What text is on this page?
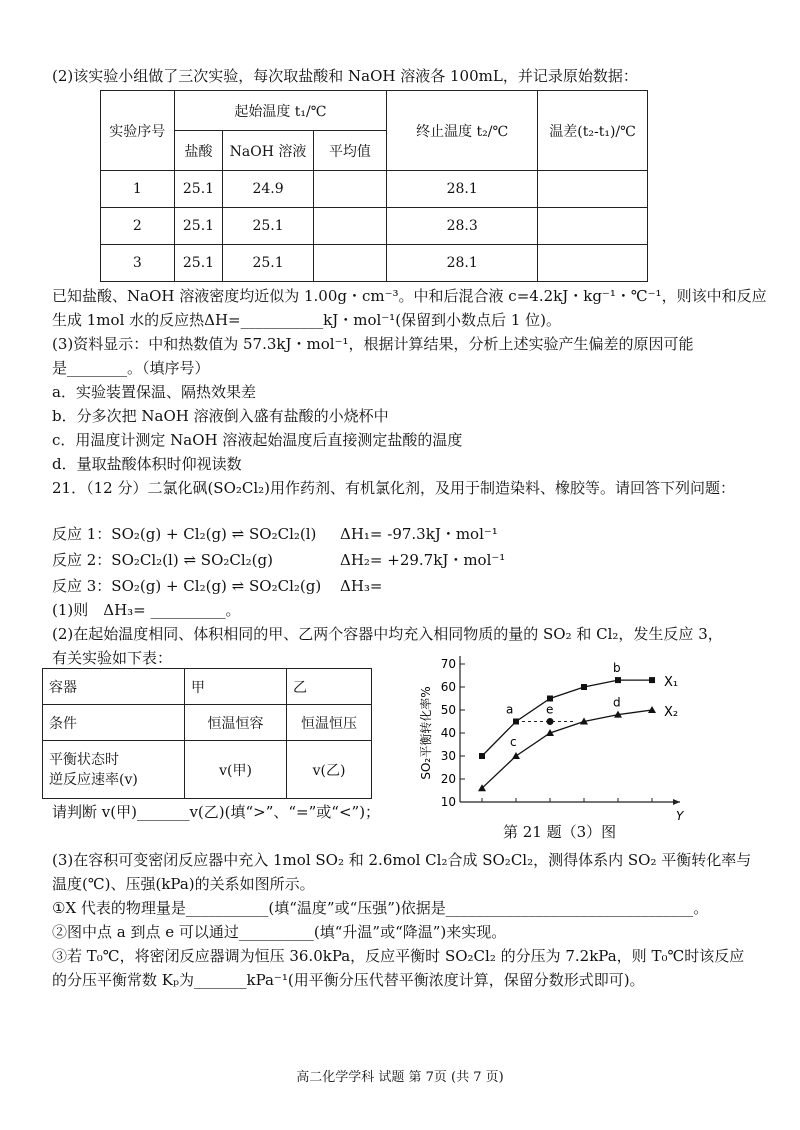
(2)该实验小组做了三次实验，每次取盐酸和 NaOH 溶液各 100mL，并记录原始数据：
实验序号	起始温度 t₁/℃			终止温度 t₂/℃	温差(t₂-t₁)/℃
	盐酸	NaOH 溶液	平均值		
1	25.1	24.9		28.1	
2	25.1	25.1		28.3	
3	25.1	25.1		28.1	
已知盐酸、NaOH 溶液密度均近似为 1.00g・cm⁻³。中和后混合液 c=4.2kJ・kg⁻¹・℃⁻¹，则该中和反应
生成 1mol 水的反应热ΔH=___________kJ・mol⁻¹(保留到小数点后 1 位)。
(3)资料显示：中和热数值为 57.3kJ・mol⁻¹，根据计算结果，分析上述实验产生偏差的原因可能
是________。（填序号）
a．实验装置保温、隔热效果差
b．分多次把 NaOH 溶液倒入盛有盐酸的小烧杯中
c．用温度计测定 NaOH 溶液起始温度后直接测定盐酸的温度
d．量取盐酸体积时仰视读数
21．（12 分）二氯化砜(SO₂Cl₂)用作药剂、有机氯化剂，及用于制造染料、橡胶等。请回答下列问题：
反应 1：SO₂(g) + Cl₂(g) ⇌ SO₂Cl₂(l) ΔH₁= -97.3kJ・mol⁻¹
反应 2：SO₂Cl₂(l) ⇌ SO₂Cl₂(g)	ΔH₂= +29.7kJ・mol⁻¹
反应 3：SO₂(g) + Cl₂(g) ⇌ SO₂Cl₂(g) ΔH₃=
(1)则　ΔH₃= __________。
(2)在起始温度相同、体积相同的甲、乙两个容器中均充入相同物质的量的 SO₂ 和 Cl₂，发生反应 3，
有关实验如下表：
容器	甲	乙
条件	恒温恒容	恒温恒压

平衡状态时
逆反应速率(v)	v(甲)	v(乙)
请判断 v(甲)_______v(乙)(填“>”、“=”或“<”)；
10
20
30
40
50
60
70
SO₂平衡转化率%
Y
X₁
X₂
a
b
c
d
e
第 21 题（3）图
(3)在容积可变密闭反应器中充入 1mol SO₂ 和 2.6mol Cl₂合成 SO₂Cl₂，测得体系内 SO₂ 平衡转化率与
温度(℃)、压强(kPa)的关系如图所示。
①X 代表的物理量是___________(填“温度”或“压强”)依据是_________________________________。
②图中点 a 到点 e 可以通过__________(填“升温”或“降温”)来实现。
③若 T₀℃，将密闭反应器调为恒压 36.0kPa，反应平衡时 SO₂Cl₂ 的分压为 7.2kPa，则 T₀℃时该反应
的分压平衡常数 Kₚ为_______kPa⁻¹(用平衡分压代替平衡浓度计算，保留分数形式即可)。
高二化学学科 试题 第 7页 (共 7 页)
